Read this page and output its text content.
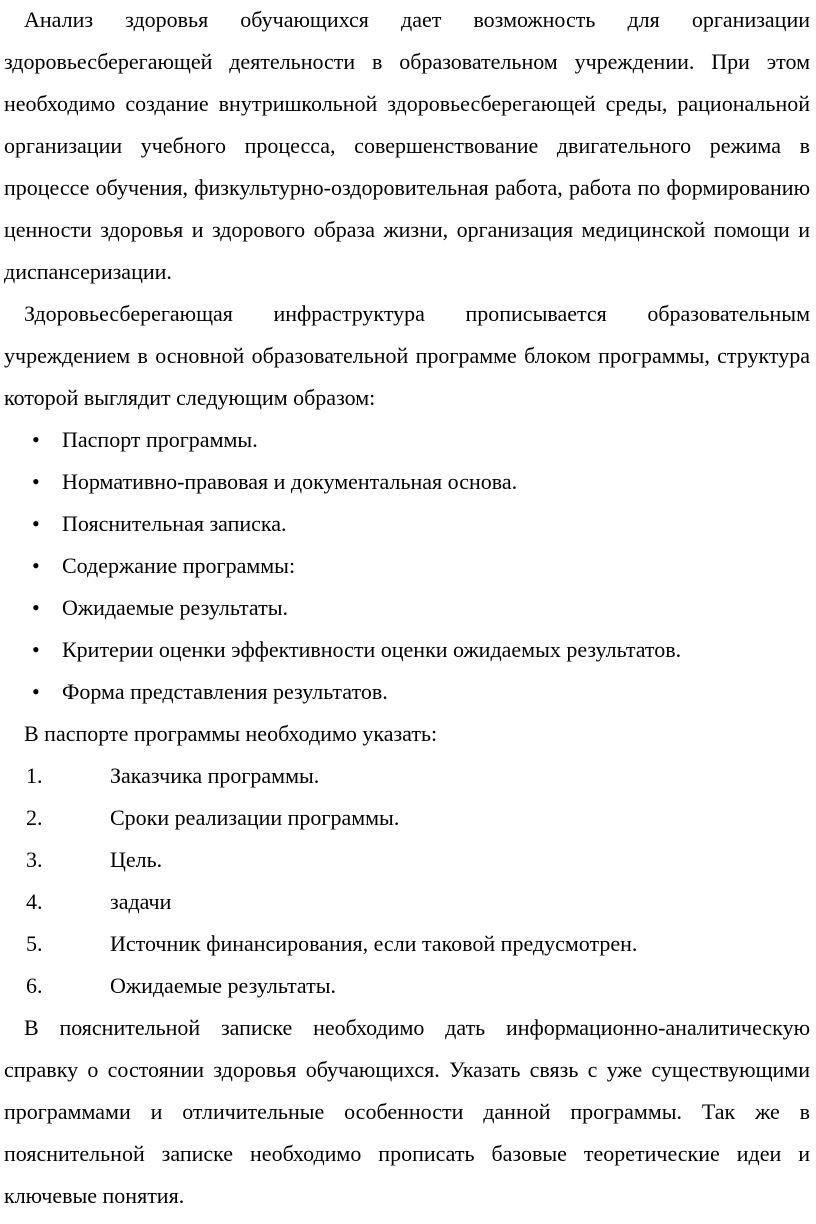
Анализ здоровья обучающихся дает возможность для организации здоровьесберегающей деятельности в образовательном учреждении. При этом необходимо создание внутришкольной здоровьесберегающей среды, рациональной организации учебного процесса, совершенствование двигательного режима в процессе обучения, физкультурно-оздоровительная работа, работа по формированию ценности здоровья и здорового образа жизни, организация медицинской помощи и диспансеризации.

Здоровьесберегающая инфраструктура прописывается образовательным учреждением в основной образовательной программе блоком программы, структура которой выглядит следующим образом:

•	Паспорт программы.
•	Нормативно-правовая и документальная основа.
•	Пояснительная записка.
•	Содержание программы:
•	Ожидаемые результаты.
•	Критерии оценки эффективности оценки ожидаемых результатов.
•	Форма представления результатов.

В паспорте программы необходимо указать:

1.	Заказчика программы.
2.	Сроки реализации программы.
3.	Цель.
4.	задачи
5.	Источник финансирования, если таковой предусмотрен.
6.	Ожидаемые результаты.

В пояснительной записке необходимо дать информационно-аналитическую справку о состоянии здоровья обучающихся. Указать связь с уже существующими программами и отличительные особенности данной программы. Так же в пояснительной записке необходимо прописать базовые теоретические идеи и ключевые понятия.
